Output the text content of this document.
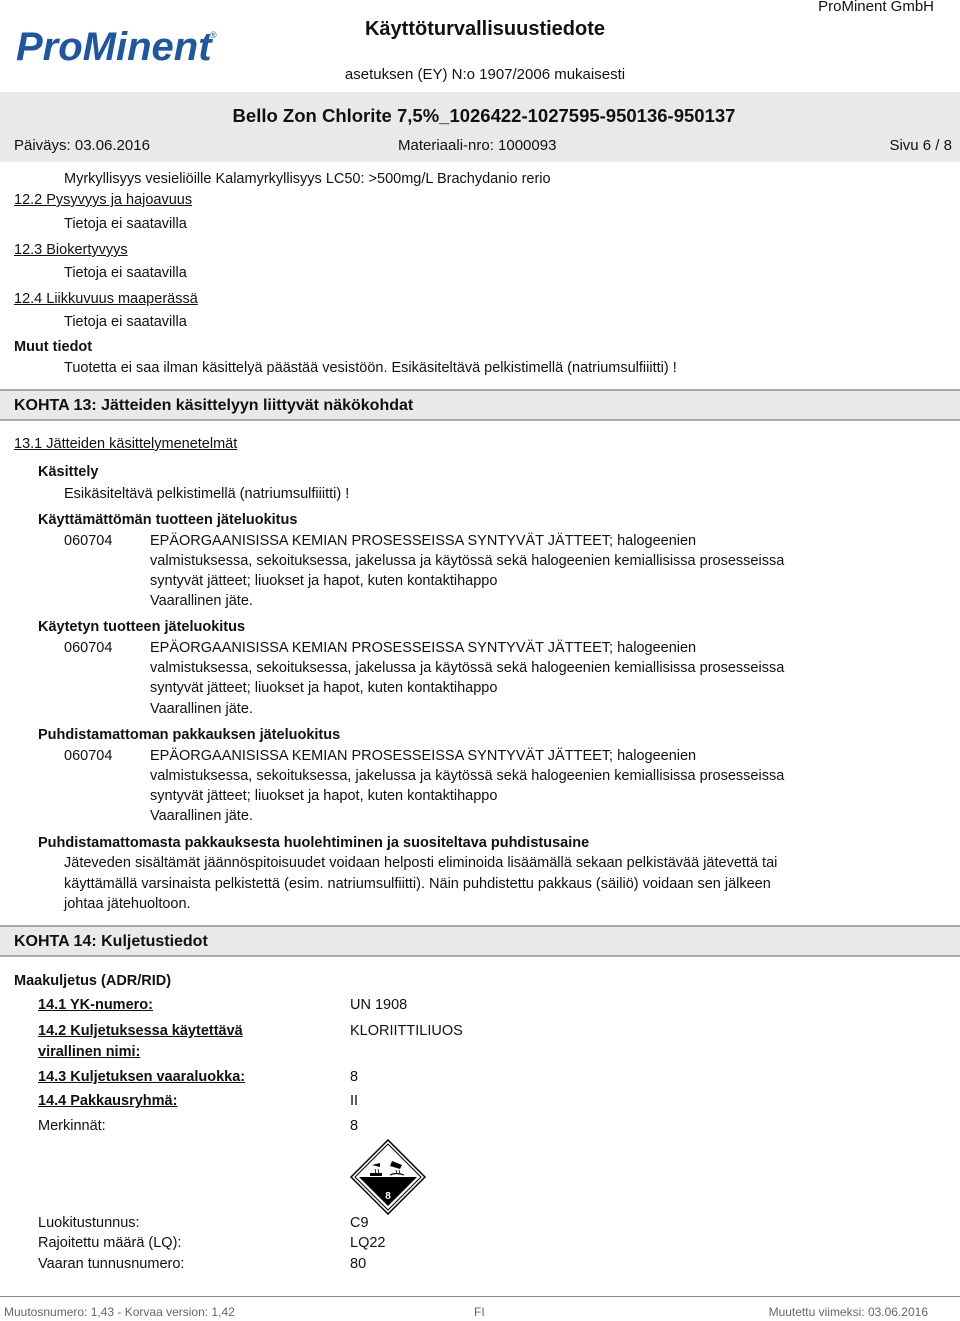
ProMinent
®
ProMinent GmbH
Käyttöturvallisuustiedote
asetuksen (EY) N:o 1907/2006 mukaisesti
Bello Zon Chlorite 7,5%_1026422-1027595-950136-950137
Päiväys: 03.06.2016	Materiaali-nro: 1000093	Sivu 6 / 8
Myrkyllisyys vesieliöille Kalamyrkyllisyys LC50: >500mg/L Brachydanio rerio
12.2 Pysyvyys ja hajoavuus
Tietoja ei saatavilla
12.3 Biokertyvyys
Tietoja ei saatavilla
12.4 Liikkuvuus maaperässä
Tietoja ei saatavilla
Muut tiedot
Tuotetta ei saa ilman käsittelyä päästää vesistöön. Esikäsiteltävä pelkistimellä (natriumsulfiiitti) !
KOHTA 13: Jätteiden käsittelyyn liittyvät näkökohdat
13.1 Jätteiden käsittelymenetelmät
Käsittely
Esikäsiteltävä pelkistimellä (natriumsulfiiitti) !
Käyttämättömän tuotteen jäteluokitus
060704	EPÄORGAANISISSA KEMIAN PROSESSEISSA SYNTYVÄT JÄTTEET; halogeenien
valmistuksessa, sekoituksessa, jakelussa ja käytössä sekä halogeenien kemiallisissa prosesseissa
syntyvät jätteet; liuokset ja hapot, kuten kontaktihappo
Vaarallinen jäte.
Käytetyn tuotteen jäteluokitus
060704	EPÄORGAANISISSA KEMIAN PROSESSEISSA SYNTYVÄT JÄTTEET; halogeenien
valmistuksessa, sekoituksessa, jakelussa ja käytössä sekä halogeenien kemiallisissa prosesseissa
syntyvät jätteet; liuokset ja hapot, kuten kontaktihappo
Vaarallinen jäte.
Puhdistamattoman pakkauksen jäteluokitus
060704	EPÄORGAANISISSA KEMIAN PROSESSEISSA SYNTYVÄT JÄTTEET; halogeenien
valmistuksessa, sekoituksessa, jakelussa ja käytössä sekä halogeenien kemiallisissa prosesseissa
syntyvät jätteet; liuokset ja hapot, kuten kontaktihappo
Vaarallinen jäte.
Puhdistamattomasta pakkauksesta huolehtiminen ja suositeltava puhdistusaine
Jäteveden sisältämät jäännöspitoisuudet voidaan helposti eliminoida lisäämällä sekaan pelkistävää jätevettä tai
käyttämällä varsinaista pelkistettä (esim. natriumsulfiitti). Näin puhdistettu pakkaus (säiliö) voidaan sen jälkeen
johtaa jätehuoltoon.
KOHTA 14: Kuljetustiedot
Maakuljetus (ADR/RID)
14.1 YK-numero:	UN 1908
14.2 Kuljetuksessa käytettävä
virallinen nimi:
KLORIITTILIUOS
14.3 Kuljetuksen vaaraluokka:	8
14.4 Pakkausryhmä:	II
Merkinnät:	8
8
Luokitustunnus:	C9
Rajoitettu määrä (LQ):	LQ22
Vaaran tunnusnumero:	80
Muutosnumero: 1,43 - Korvaa version: 1,42	FI	Muutettu viimeksi: 03.06.2016
